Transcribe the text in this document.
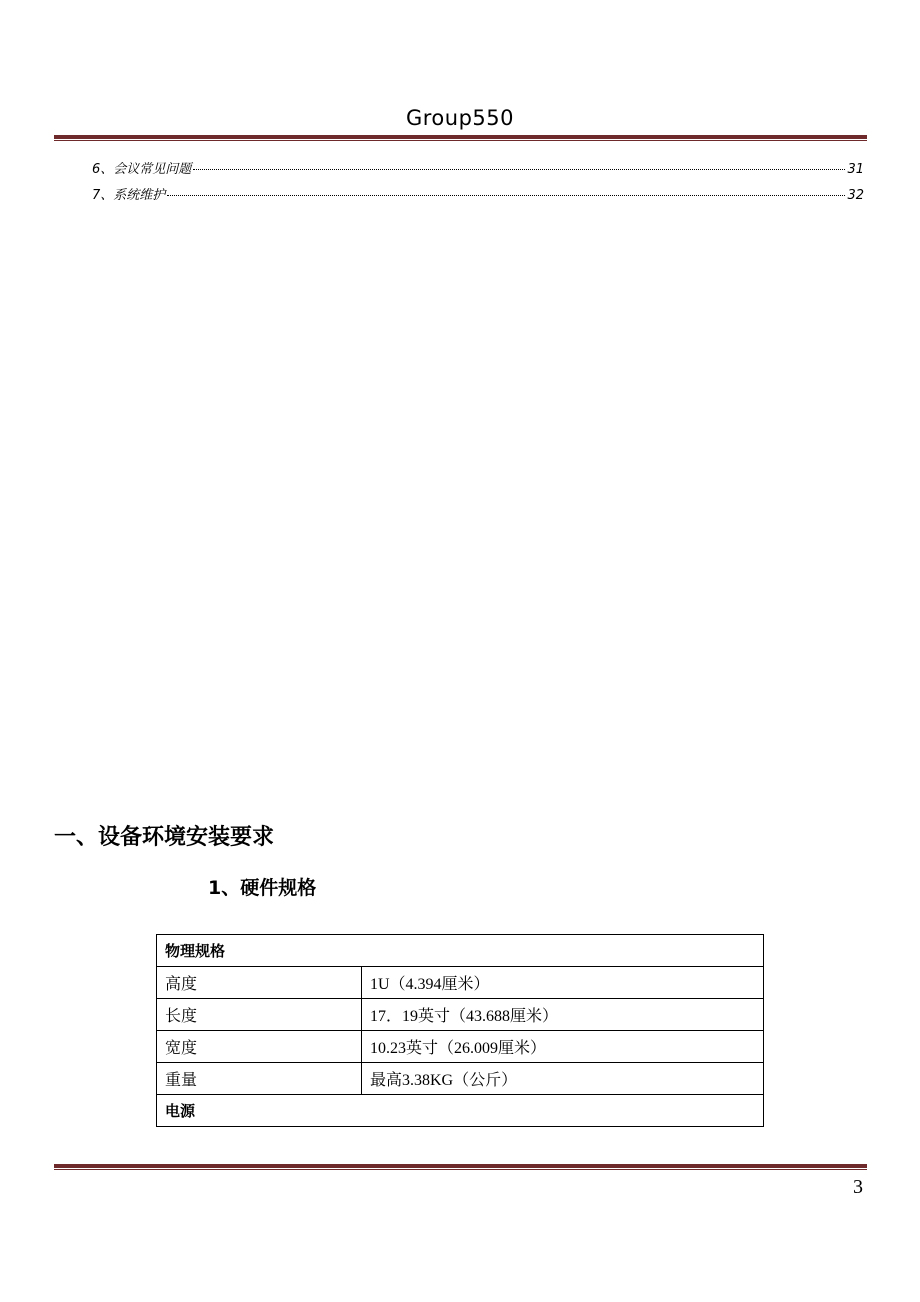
Group550
6、会议常见问题	31
7、系统维护	32
一、设备环境安装要求
1、硬件规格
物理规格	
高度	1U（4.394厘米）
长度	17．19英寸（43.688厘米）
宽度	10.23英寸（26.009厘米）
重量	最高3.38KG（公斤）
电源	
3
